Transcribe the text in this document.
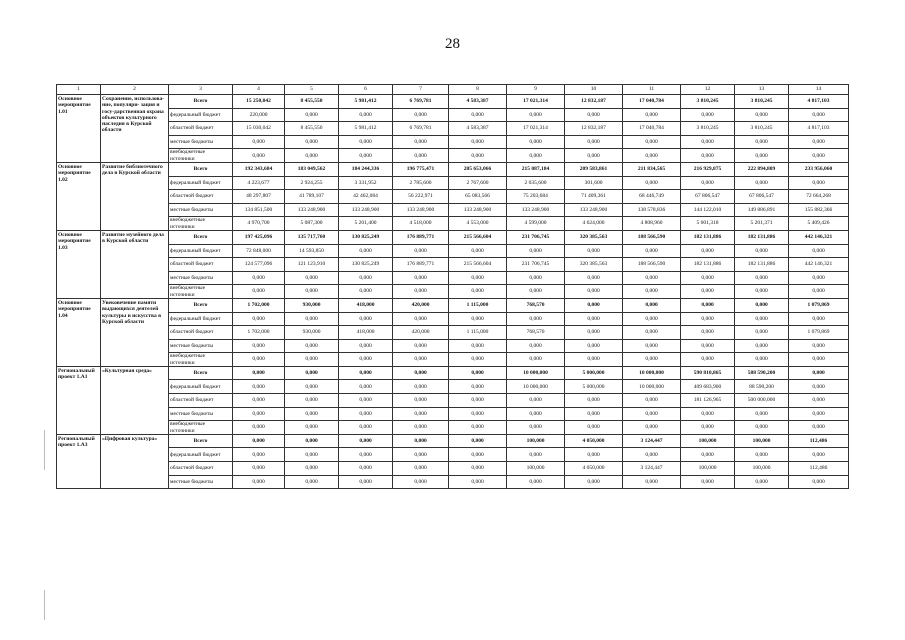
28
1	2	3	4	5	6	7	8	9	10	11	12	13	14
Основное мероприятие 1.01	Сохранение, использова-ние, популяри- зация и госу-дарственная охрана объектов культурного наследия в Курской области	Всего	15 250,042	8 455,550	5 981,412	6 769,781	4 583,387	17 021,314	12 832,187	17 040,784	3 810,245	3 810,245	4 817,103
		федеральный бюджет	220,000	0,000	0,000	0,000	0,000	0,000	0,000	0,000	0,000	0,000	0,000
		областной бюджет	15 030,042	8 455,550	5 981,412	6 769,781	4 583,387	17 021,314	12 832,187	17 040,784	3 810,245	3 810,245	4 817,103
		местные бюджеты	0,000	0,000	0,000	0,000	0,000	0,000	0,000	0,000	0,000	0,000	0,000
		внебюджетные источники	0,000	0,000	0,000	0,000	0,000	0,000	0,000	0,000	0,000	0,000	0,000
Основное мероприятие 1.02	Развитие библиотечного дела в Курской области	Всего	192 343,684	183 049,562	184 244,336	196 775,471	205 653,066	215 087,184	209 583,861	211 834,565	216 929,875	222 894,809	233 956,060
		федеральный бюджет	4 223,677	2 924,255	3 331,952	2 785,600	2 767,600	2 035,600	301,600	0,000	0,000	0,000	0,000
		областной бюджет	48 297,807	41 789,107	42 462,084	56 222,971	65 083,566	75 203,684	71 409,361	68 446,749	67 806,547	67 806,547	72 664,268
		местные бюджеты	134 851,500	133 248,900	133 248,900	133 248,900	133 248,900	133 248,900	133 248,900	138 578,836	144 122,010	149 886,891	155 882,366
		внебюджетные источники	4 970,700	5 087,300	5 201,400	4 518,000	4 553,000	4 599,000	4 624,000	4 808,960	5 001,318	5 201,371	5 409,426
Основное мероприятие 1.03	Развитие музейного дела в Курской области	Всего	197 425,096	135 717,760	130 825,249	176 889,771	215 566,604	231 706,745	320 385,563	188 566,590	182 131,886	182 131,886	442 146,321
		федеральный бюджет	72 848,000	14 593,850	0,000	0,000	0,000	0,000	0,000	0,000	0,000	0,000	0,000
		областной бюджет	124 577,096	121 123,910	130 825,249	176 889,771	215 566,604	231 706,745	320 385,563	188 566,590	182 131,886	182 131,886	442 146,321
		местные бюджеты	0,000	0,000	0,000	0,000	0,000	0,000	0,000	0,000	0,000	0,000	0,000
		внебюджетные источники	0,000	0,000	0,000	0,000	0,000	0,000	0,000	0,000	0,000	0,000	0,000
Основное мероприятие 1.04	Увековечение памяти выдающихся деятелей культуры и искусства в Курской области	Всего	1 702,000	930,000	418,000	420,000	1 115,000	768,570	0,000	0,000	0,000	0,000	1 079,869
		федеральный бюджет	0,000	0,000	0,000	0,000	0,000	0,000	0,000	0,000	0,000	0,000	0,000
		областной бюджет	1 702,000	930,000	418,000	420,000	1 115,000	768,570	0,000	0,000	0,000	0,000	1 079,869
		местные бюджеты	0,000	0,000	0,000	0,000	0,000	0,000	0,000	0,000	0,000	0,000	0,000
		внебюджетные источники	0,000	0,000	0,000	0,000	0,000	0,000	0,000	0,000	0,000	0,000	0,000
Региональный проект 1.А1	«Культурная среда»	Всего	0,000	0,000	0,000	0,000	0,000	10 000,000	5 000,000	10 000,000	590 810,865	588 590,200	0,000
		федеральный бюджет	0,000	0,000	0,000	0,000	0,000	10 000,000	5 000,000	10 000,000	409 683,900	88 590,200	0,000
		областной бюджет	0,000	0,000	0,000	0,000	0,000	0,000	0,000	0,000	181 126,965	500 000,000	0,000
		местные бюджеты	0,000	0,000	0,000	0,000	0,000	0,000	0,000	0,000	0,000	0,000	0,000
		внебюджетные источники	0,000	0,000	0,000	0,000	0,000	0,000	0,000	0,000	0,000	0,000	0,000
Региональный проект 1.А3	«Цифровая культура»	Всего	0,000	0,000	0,000	0,000	0,000	100,000	4 050,000	3 124,447	100,000	100,000	112,486
		федеральный бюджет	0,000	0,000	0,000	0,000	0,000	0,000	0,000	0,000	0,000	0,000	0,000
		областной бюджет	0,000	0,000	0,000	0,000	0,000	100,000	4 050,000	3 124,447	100,000	100,000	112,486
		местные бюджеты	0,000	0,000	0,000	0,000	0,000	0,000	0,000	0,000	0,000	0,000	0,000
